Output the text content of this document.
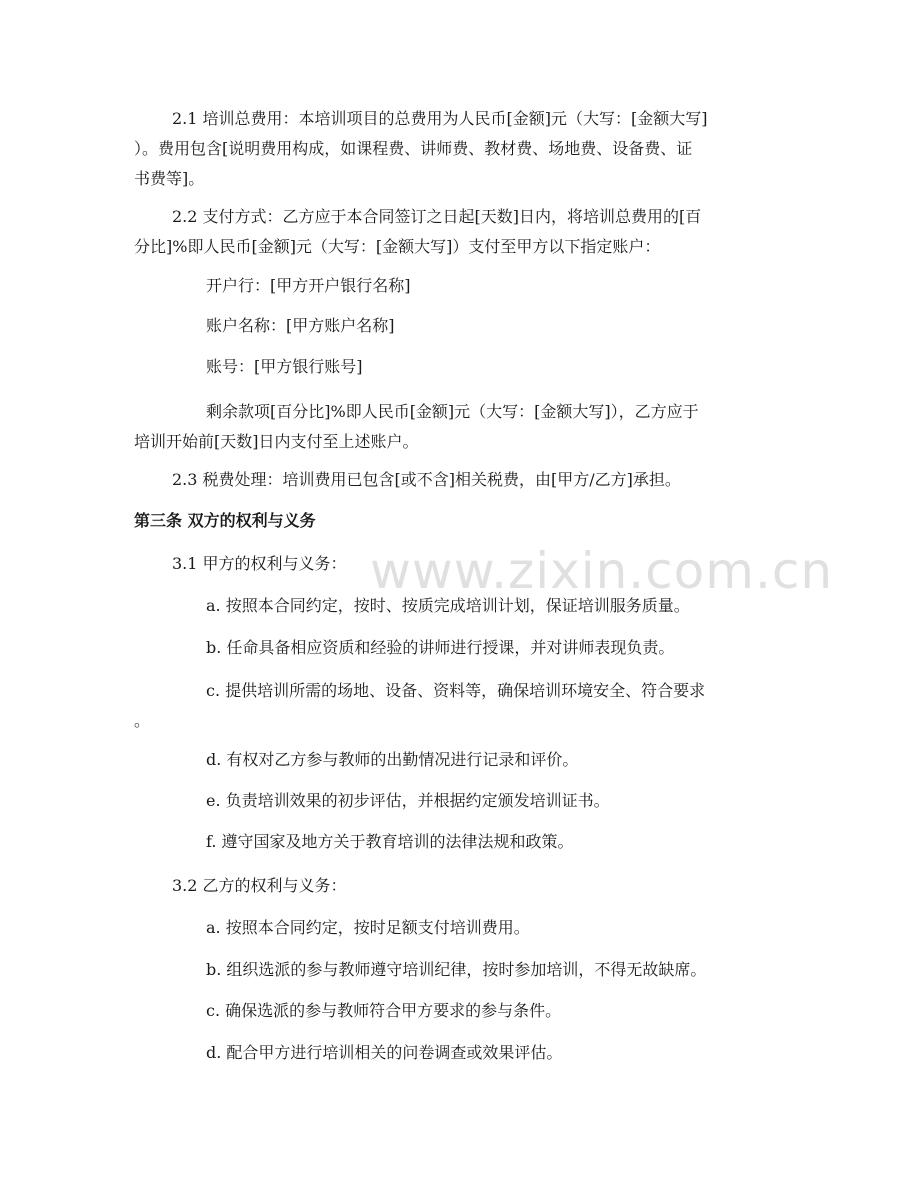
www.zixin.com.cn

2.1 培训总费用：本培训项目的总费用为人民币[金额]元（大写：[金额大写]

）。费用包含[说明费用构成，如课程费、讲师费、教材费、场地费、设备费、证

书费等]。

2.2 支付方式：乙方应于本合同签订之日起[天数]日内，将培训总费用的[百

分比]%即人民币[金额]元（大写：[金额大写]）支付至甲方以下指定账户：

开户行：[甲方开户银行名称]

账户名称：[甲方账户名称]

账号：[甲方银行账号]

剩余款项[百分比]%即人民币[金额]元（大写：[金额大写]），乙方应于

培训开始前[天数]日内支付至上述账户。

2.3 税费处理：培训费用已包含[或不含]相关税费，由[甲方/乙方]承担。

第三条 双方的权利与义务

3.1 甲方的权利与义务：

a. 按照本合同约定，按时、按质完成培训计划，保证培训服务质量。

b. 任命具备相应资质和经验的讲师进行授课，并对讲师表现负责。

c. 提供培训所需的场地、设备、资料等，确保培训环境安全、符合要求

。

d. 有权对乙方参与教师的出勤情况进行记录和评价。

e. 负责培训效果的初步评估，并根据约定颁发培训证书。

f. 遵守国家及地方关于教育培训的法律法规和政策。

3.2 乙方的权利与义务：

a. 按照本合同约定，按时足额支付培训费用。

b. 组织选派的参与教师遵守培训纪律，按时参加培训，不得无故缺席。

c. 确保选派的参与教师符合甲方要求的参与条件。

d. 配合甲方进行培训相关的问卷调查或效果评估。
